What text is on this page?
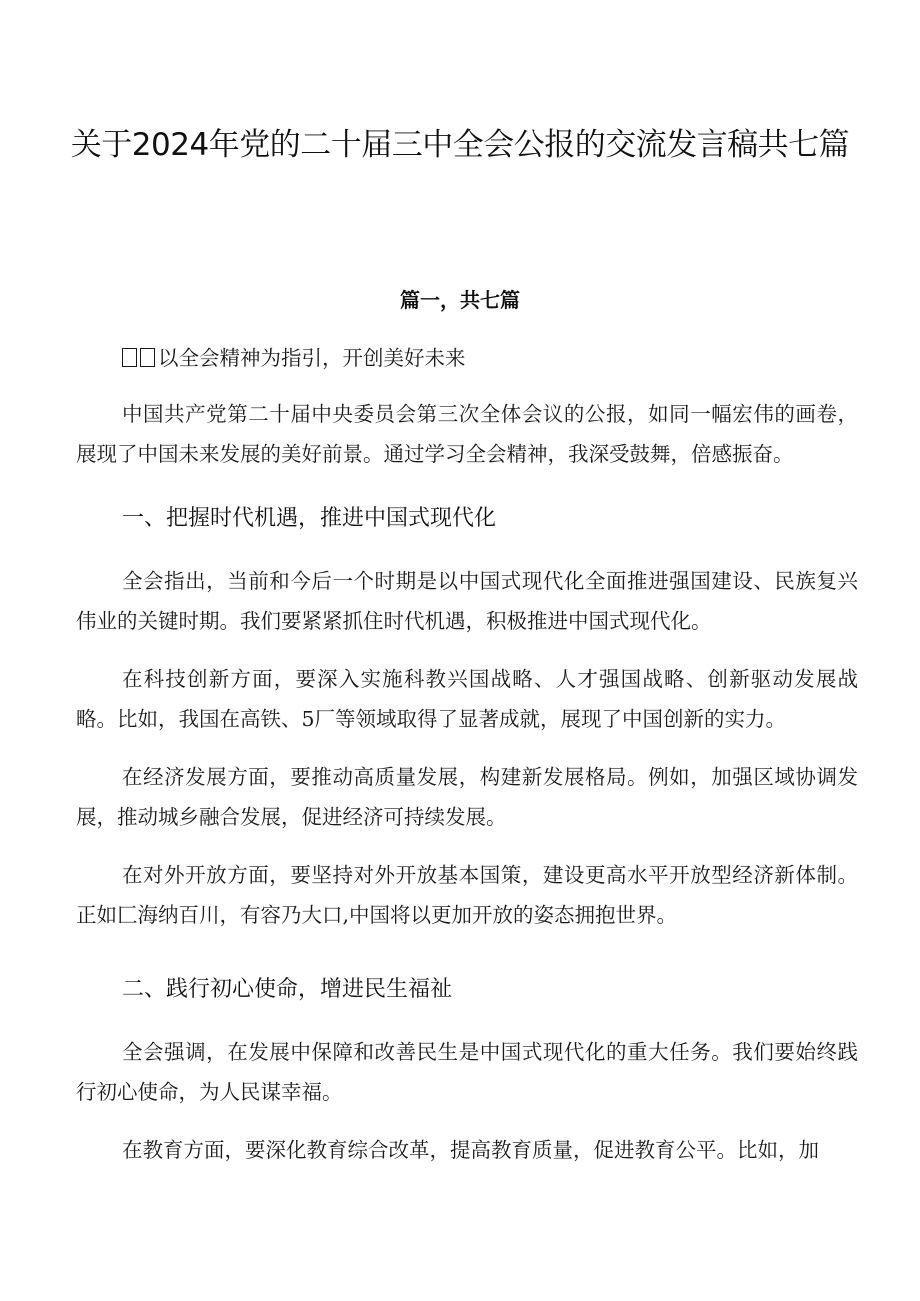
关于2024年党的二十届三中全会公报的交流发言稿共七篇
篇一，共七篇

以全会精神为指引，开创美好未来

中国共产党第二十届中央委员会第三次全体会议的公报，如同一幅宏伟的画卷，展现了中国未来发展的美好前景。通过学习全会精神，我深受鼓舞，倍感振奋。

一、把握时代机遇，推进中国式现代化

全会指出，当前和今后一个时期是以中国式现代化全面推进强国建设、民族复兴伟业的关键时期。我们要紧紧抓住时代机遇，积极推进中国式现代化。

在科技创新方面，要深入实施科教兴国战略、人才强国战略、创新驱动发展战略。比如，我国在高铁、5厂等领域取得了显著成就，展现了中国创新的实力。

在经济发展方面，要推动高质量发展，构建新发展格局。例如，加强区域协调发展，推动城乡融合发展，促进经济可持续发展。

在对外开放方面，要坚持对外开放基本国策，建设更高水平开放型经济新体制。正如匚海纳百川，有容乃大口,中国将以更加开放的姿态拥抱世界。

二、践行初心使命，增进民生福祉

全会强调，在发展中保障和改善民生是中国式现代化的重大任务。我们要始终践行初心使命，为人民谋幸福。

在教育方面，要深化教育综合改革，提高教育质量，促进教育公平。比如，加
